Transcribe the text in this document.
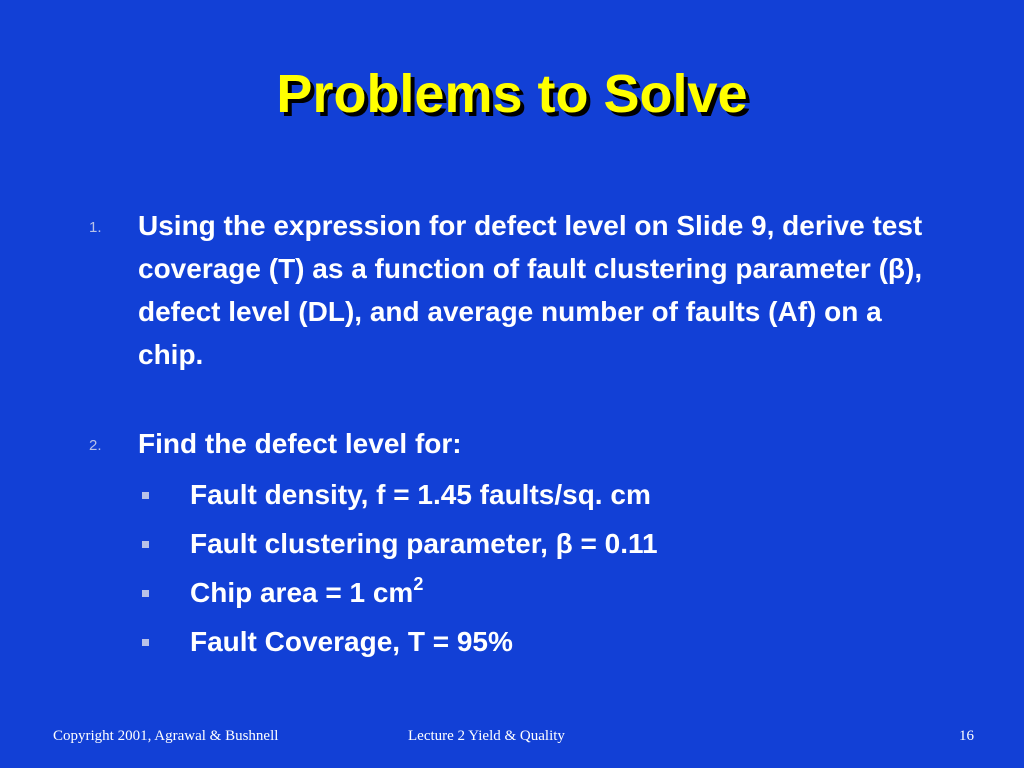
Problems to Solve
1. Using the expression for defect level on Slide 9, derive test coverage (T) as a function of fault clustering parameter (β), defect level (DL), and average number of faults (Af) on a chip.
2. Find the defect level for:
Fault density, f = 1.45 faults/sq. cm
Fault clustering parameter, β = 0.11
Chip area = 1 $cm^2$
Fault Coverage, T = 95%
Copyright 2001, Agrawal & Bushnell	Lecture 2 Yield & Quality	16
